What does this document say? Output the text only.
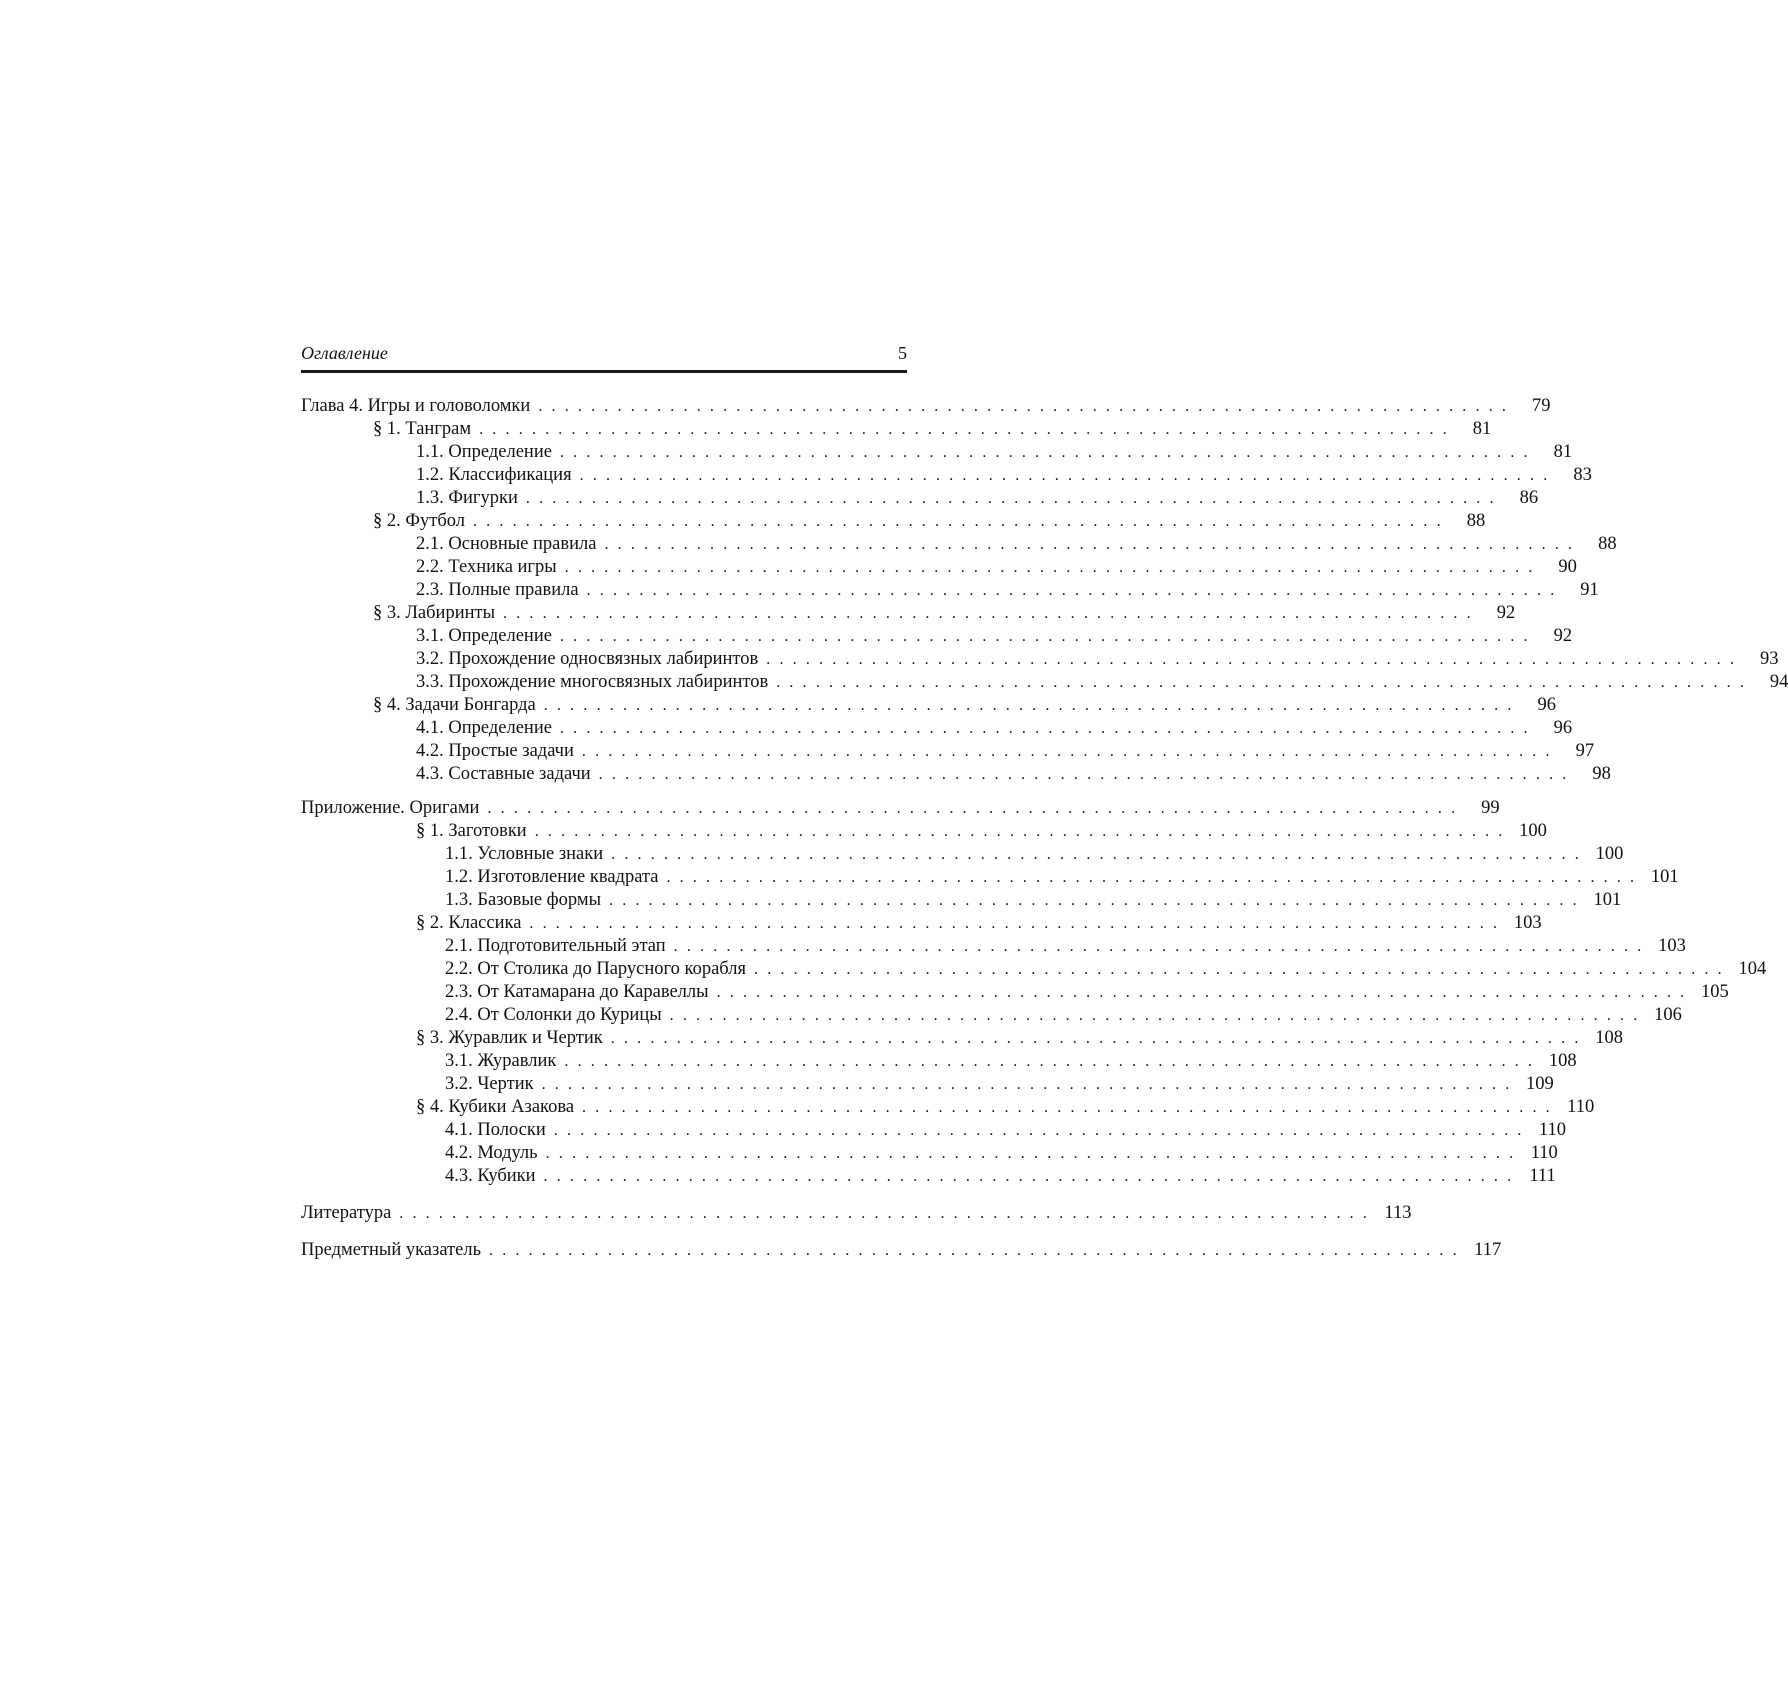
Оглавление	5
Глава 4. Игры и головоломки . . . . . . . . . . . . . . . . . . . . . . . . . . . . . . . . . . . . . . . . . . . . . . . . . . . . . . . . . . . . . . . . . . . . . . . . . .	79
§ 1. Танграм . . . . . . . . . . . . . . . . . . . . . . . . . . . . . . . . . . . . . . . . . . . . . . . . . . . . . . . . . . . . . . . . . . . . . . . . . .	81
1.1. Определение . . . . . . . . . . . . . . . . . . . . . . . . . . . . . . . . . . . . . . . . . . . . . . . . . . . . . . . . . . . . . . . . . . . . . . . . . .	81
1.2. Классификация . . . . . . . . . . . . . . . . . . . . . . . . . . . . . . . . . . . . . . . . . . . . . . . . . . . . . . . . . . . . . . . . . . . . . . . . . .	83
1.3. Фигурки . . . . . . . . . . . . . . . . . . . . . . . . . . . . . . . . . . . . . . . . . . . . . . . . . . . . . . . . . . . . . . . . . . . . . . . . . .	86
§ 2. Футбол . . . . . . . . . . . . . . . . . . . . . . . . . . . . . . . . . . . . . . . . . . . . . . . . . . . . . . . . . . . . . . . . . . . . . . . . . .	88
2.1. Основные правила . . . . . . . . . . . . . . . . . . . . . . . . . . . . . . . . . . . . . . . . . . . . . . . . . . . . . . . . . . . . . . . . . . . . . . . . . .	88
2.2. Техника игры . . . . . . . . . . . . . . . . . . . . . . . . . . . . . . . . . . . . . . . . . . . . . . . . . . . . . . . . . . . . . . . . . . . . . . . . . .	90
2.3. Полные правила . . . . . . . . . . . . . . . . . . . . . . . . . . . . . . . . . . . . . . . . . . . . . . . . . . . . . . . . . . . . . . . . . . . . . . . . . .	91
§ 3. Лабиринты . . . . . . . . . . . . . . . . . . . . . . . . . . . . . . . . . . . . . . . . . . . . . . . . . . . . . . . . . . . . . . . . . . . . . . . . . .	92
3.1. Определение . . . . . . . . . . . . . . . . . . . . . . . . . . . . . . . . . . . . . . . . . . . . . . . . . . . . . . . . . . . . . . . . . . . . . . . . . .	92
3.2. Прохождение односвязных лабиринтов . . . . . . . . . . . . . . . . . . . . . . . . . . . . . . . . . . . . . . . . . . . . . . . . . . . . . . . . . . . . . . . . . . . . . . . . . .	93
3.3. Прохождение многосвязных лабиринтов . . . . . . . . . . . . . . . . . . . . . . . . . . . . . . . . . . . . . . . . . . . . . . . . . . . . . . . . . . . . . . . . . . . . . . . . . .	94
§ 4. Задачи Бонгарда . . . . . . . . . . . . . . . . . . . . . . . . . . . . . . . . . . . . . . . . . . . . . . . . . . . . . . . . . . . . . . . . . . . . . . . . . .	96
4.1. Определение . . . . . . . . . . . . . . . . . . . . . . . . . . . . . . . . . . . . . . . . . . . . . . . . . . . . . . . . . . . . . . . . . . . . . . . . . .	96
4.2. Простые задачи . . . . . . . . . . . . . . . . . . . . . . . . . . . . . . . . . . . . . . . . . . . . . . . . . . . . . . . . . . . . . . . . . . . . . . . . . .	97
4.3. Составные задачи . . . . . . . . . . . . . . . . . . . . . . . . . . . . . . . . . . . . . . . . . . . . . . . . . . . . . . . . . . . . . . . . . . . . . . . . . .	98
Приложение. Оригами . . . . . . . . . . . . . . . . . . . . . . . . . . . . . . . . . . . . . . . . . . . . . . . . . . . . . . . . . . . . . . . . . . . . . . . . . .	99
§ 1. Заготовки . . . . . . . . . . . . . . . . . . . . . . . . . . . . . . . . . . . . . . . . . . . . . . . . . . . . . . . . . . . . . . . . . . . . . . . . . . 100
1.1. Условные знаки . . . . . . . . . . . . . . . . . . . . . . . . . . . . . . . . . . . . . . . . . . . . . . . . . . . . . . . . . . . . . . . . . . . . . . . . . . 100
1.2. Изготовление квадрата . . . . . . . . . . . . . . . . . . . . . . . . . . . . . . . . . . . . . . . . . . . . . . . . . . . . . . . . . . . . . . . . . . . . . . . . . . 101
1.3. Базовые формы . . . . . . . . . . . . . . . . . . . . . . . . . . . . . . . . . . . . . . . . . . . . . . . . . . . . . . . . . . . . . . . . . . . . . . . . . . 101
§ 2. Классика . . . . . . . . . . . . . . . . . . . . . . . . . . . . . . . . . . . . . . . . . . . . . . . . . . . . . . . . . . . . . . . . . . . . . . . . . . 103
2.1. Подготовительный этап . . . . . . . . . . . . . . . . . . . . . . . . . . . . . . . . . . . . . . . . . . . . . . . . . . . . . . . . . . . . . . . . . . . . . . . . . . 103
2.2. От Столика до Парусного корабля . . . . . . . . . . . . . . . . . . . . . . . . . . . . . . . . . . . . . . . . . . . . . . . . . . . . . . . . . . . . . . . . . . . . . . . . . . 104
2.3. От Катамарана до Каравеллы . . . . . . . . . . . . . . . . . . . . . . . . . . . . . . . . . . . . . . . . . . . . . . . . . . . . . . . . . . . . . . . . . . . . . . . . . . 105
2.4. От Солонки до Курицы . . . . . . . . . . . . . . . . . . . . . . . . . . . . . . . . . . . . . . . . . . . . . . . . . . . . . . . . . . . . . . . . . . . . . . . . . . 106
§ 3. Журавлик и Чертик . . . . . . . . . . . . . . . . . . . . . . . . . . . . . . . . . . . . . . . . . . . . . . . . . . . . . . . . . . . . . . . . . . . . . . . . . . 108
3.1. Журавлик . . . . . . . . . . . . . . . . . . . . . . . . . . . . . . . . . . . . . . . . . . . . . . . . . . . . . . . . . . . . . . . . . . . . . . . . . . 108
3.2. Чертик . . . . . . . . . . . . . . . . . . . . . . . . . . . . . . . . . . . . . . . . . . . . . . . . . . . . . . . . . . . . . . . . . . . . . . . . . . 109
§ 4. Кубики Азакова . . . . . . . . . . . . . . . . . . . . . . . . . . . . . . . . . . . . . . . . . . . . . . . . . . . . . . . . . . . . . . . . . . . . . . . . . . 110
4.1. Полоски . . . . . . . . . . . . . . . . . . . . . . . . . . . . . . . . . . . . . . . . . . . . . . . . . . . . . . . . . . . . . . . . . . . . . . . . . . 110
4.2. Модуль . . . . . . . . . . . . . . . . . . . . . . . . . . . . . . . . . . . . . . . . . . . . . . . . . . . . . . . . . . . . . . . . . . . . . . . . . . 110
4.3. Кубики . . . . . . . . . . . . . . . . . . . . . . . . . . . . . . . . . . . . . . . . . . . . . . . . . . . . . . . . . . . . . . . . . . . . . . . . . . 111
Литература . . . . . . . . . . . . . . . . . . . . . . . . . . . . . . . . . . . . . . . . . . . . . . . . . . . . . . . . . . . . . . . . . . . . . . . . . . 113
Предметный указатель . . . . . . . . . . . . . . . . . . . . . . . . . . . . . . . . . . . . . . . . . . . . . . . . . . . . . . . . . . . . . . . . . . . . . . . . . . 117
